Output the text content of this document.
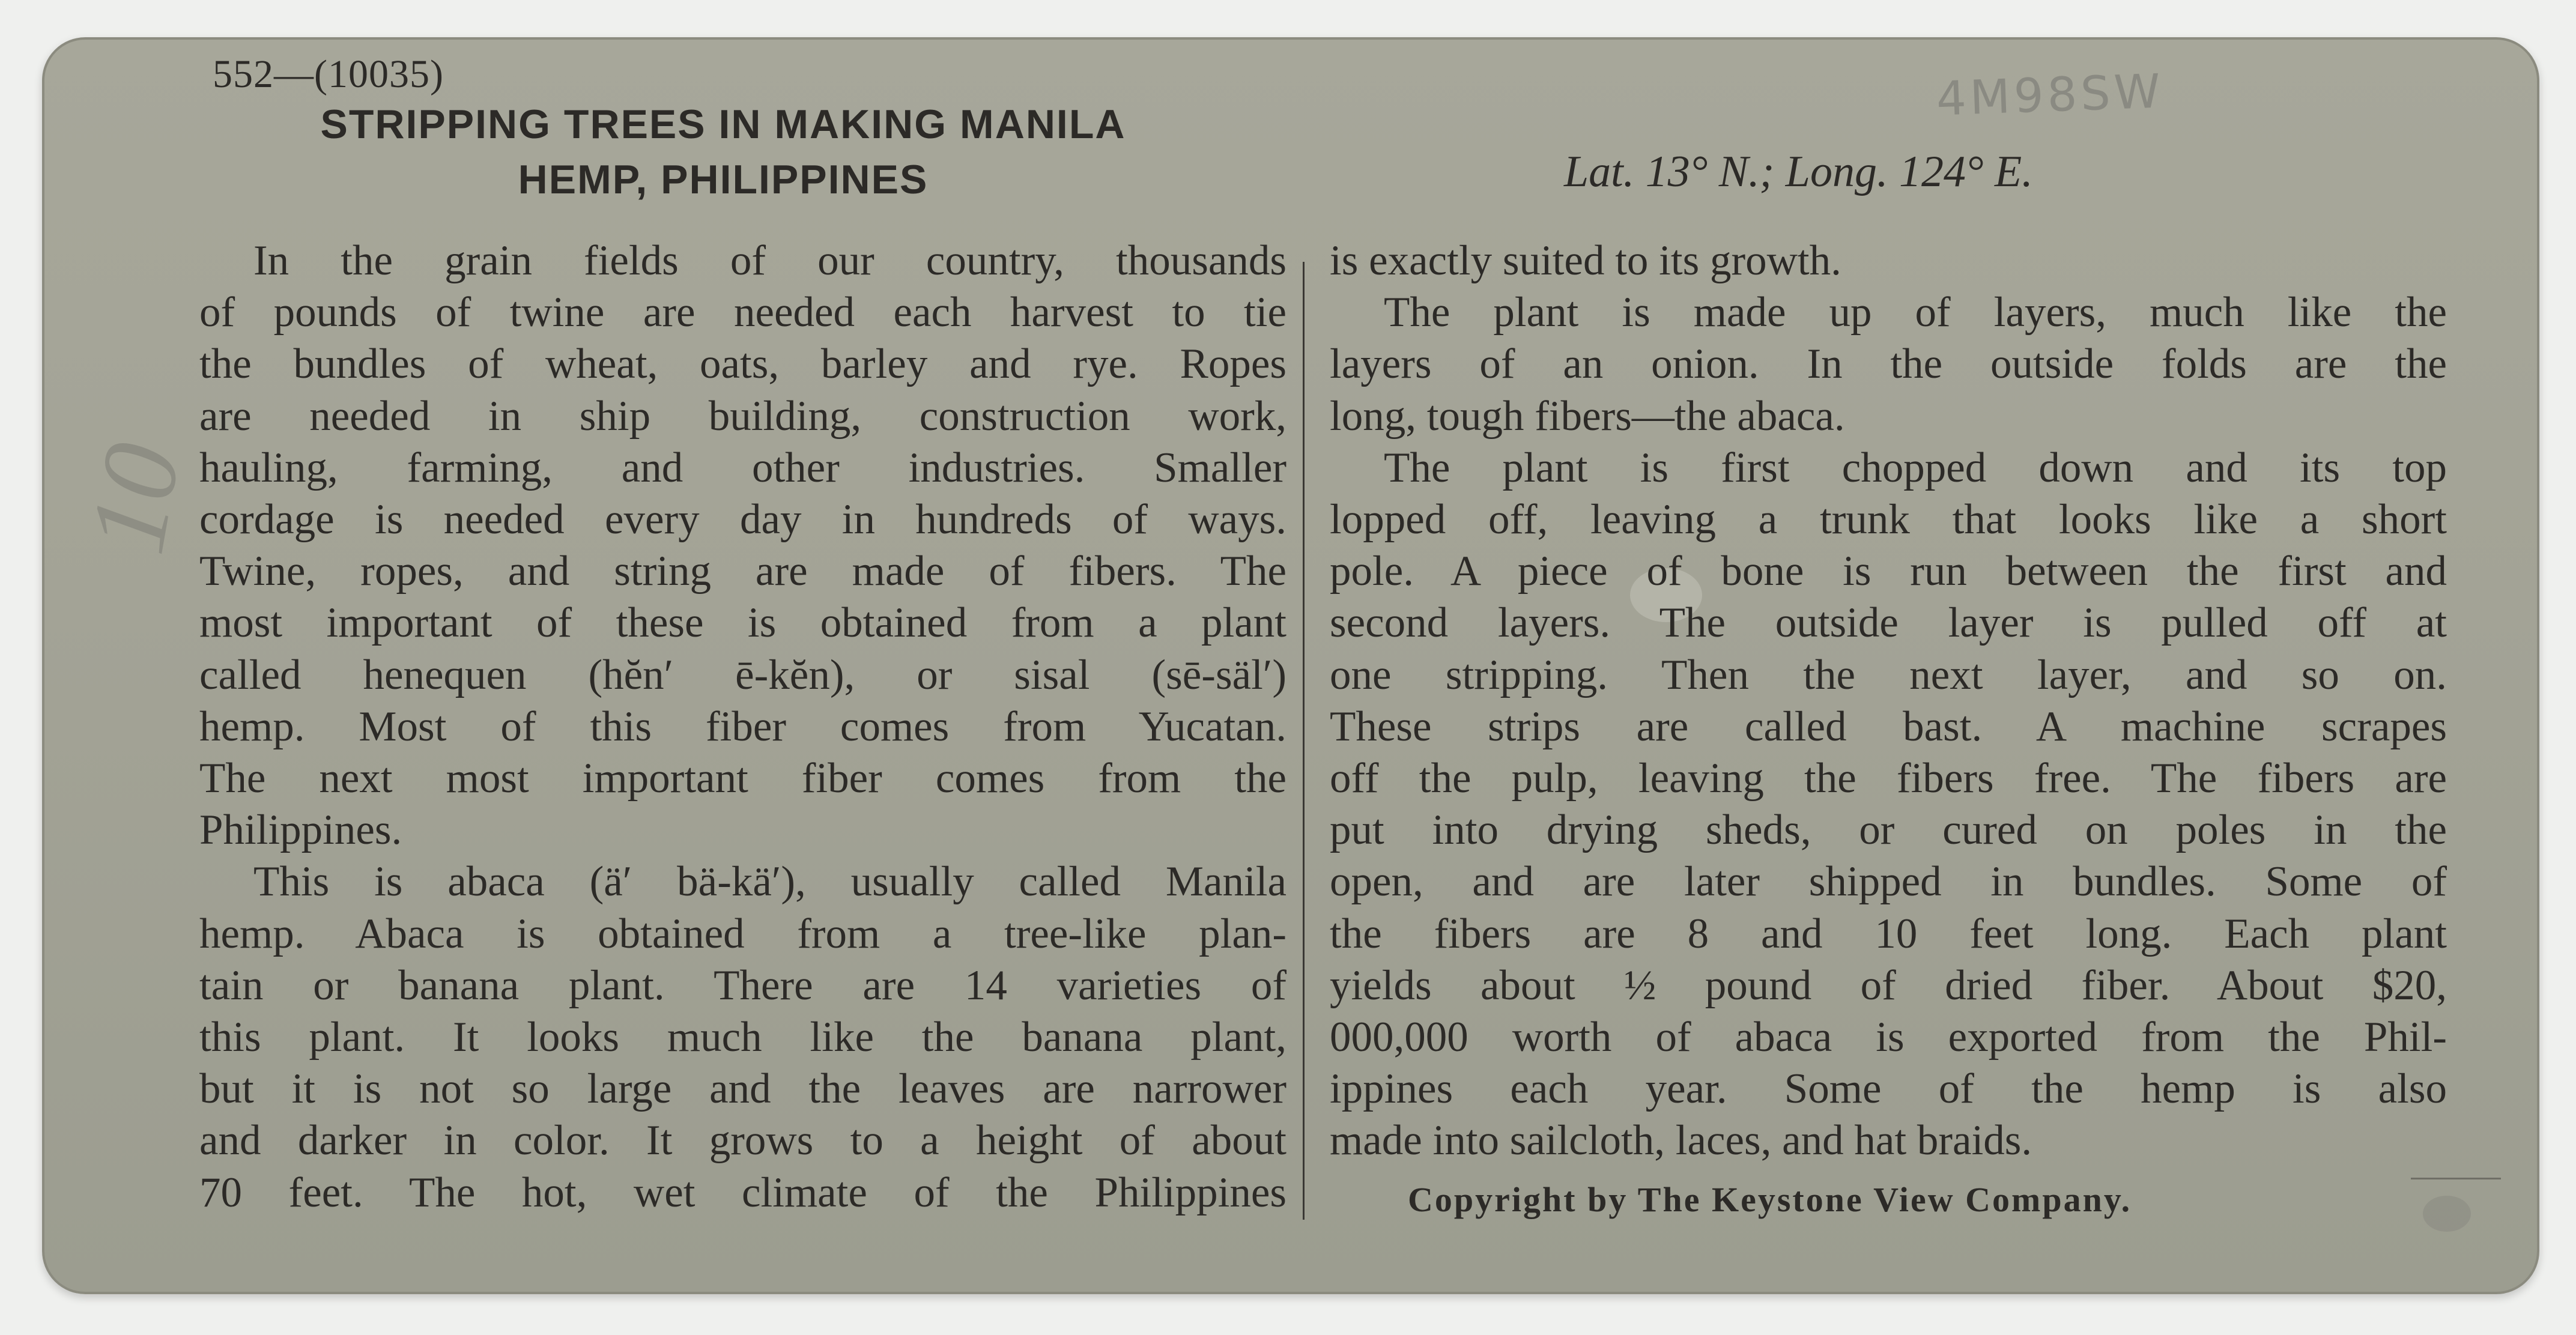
552—(10035)

STRIPPING TREES IN MAKING MANILA
HEMP, PHILIPPINES	Lat. 13° N.; Long. 124° E.

4M98SW

10

In the grain fields of our country, thousands
of pounds of twine are needed each harvest to tie
the bundles of wheat, oats, barley and rye. Ropes
are needed in ship building, construction work,
hauling, farming, and other industries. Smaller
cordage is needed every day in hundreds of ways.
Twine, ropes, and string are made of fibers. The
most important of these is obtained from a plant
called henequen (hĕn′ ē-kĕn), or sisal (sē-säl′)
hemp. Most of this fiber comes from Yucatan.
The next most important fiber comes from the
Philippines.
This is abaca (ä′ bä-kä′), usually called Manila
hemp. Abaca is obtained from a tree-like plan-
tain or banana plant. There are 14 varieties of
this plant. It looks much like the banana plant,
but it is not so large and the leaves are narrower
and darker in color. It grows to a height of about
70 feet. The hot, wet climate of the Philippines
is exactly suited to its growth.
The plant is made up of layers, much like the
layers of an onion. In the outside folds are the
long, tough fibers—the abaca.
The plant is first chopped down and its top
lopped off, leaving a trunk that looks like a short
pole. A piece of bone is run between the first and
second layers. The outside layer is pulled off at
one stripping. Then the next layer, and so on.
These strips are called bast. A machine scrapes
off the pulp, leaving the fibers free. The fibers are
put into drying sheds, or cured on poles in the
open, and are later shipped in bundles. Some of
the fibers are 8 and 10 feet long. Each plant
yields about ½ pound of dried fiber. About $20,
000,000 worth of abaca is exported from the Phil-
ippines each year. Some of the hemp is also
made into sailcloth, laces, and hat braids.

Copyright by The Keystone View Company.
